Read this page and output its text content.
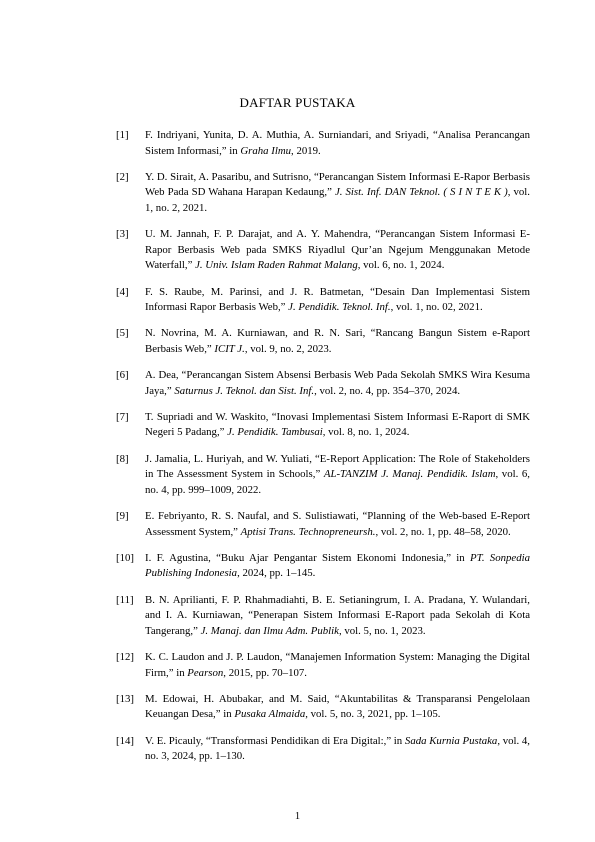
DAFTAR PUSTAKA
[1] F. Indriyani, Yunita, D. A. Muthia, A. Surniandari, and Sriyadi, “Analisa Perancangan Sistem Informasi,” in Graha Ilmu, 2019.
[2] Y. D. Sirait, A. Pasaribu, and Sutrisno, “Perancangan Sistem Informasi E-Rapor Berbasis Web Pada SD Wahana Harapan Kedaung,” J. Sist. Inf. DAN Teknol. ( S I N T E K ), vol. 1, no. 2, 2021.
[3] U. M. Jannah, F. P. Darajat, and A. Y. Mahendra, “Perancangan Sistem Informasi E-Rapor Berbasis Web pada SMKS Riyadlul Qur’an Ngejum Menggunakan Metode Waterfall,” J. Univ. Islam Raden Rahmat Malang, vol. 6, no. 1, 2024.
[4] F. S. Raube, M. Parinsi, and J. R. Batmetan, “Desain Dan Implementasi Sistem Informasi Rapor Berbasis Web,” J. Pendidik. Teknol. Inf., vol. 1, no. 02, 2021.
[5] N. Novrina, M. A. Kurniawan, and R. N. Sari, “Rancang Bangun Sistem e-Raport Berbasis Web,” ICIT J., vol. 9, no. 2, 2023.
[6] A. Dea, “Perancangan Sistem Absensi Berbasis Web Pada Sekolah SMKS Wira Kesuma Jaya,” Saturnus J. Teknol. dan Sist. Inf., vol. 2, no. 4, pp. 354–370, 2024.
[7] T. Supriadi and W. Waskito, “Inovasi Implementasi Sistem Informasi E-Raport di SMK Negeri 5 Padang,” J. Pendidik. Tambusai, vol. 8, no. 1, 2024.
[8] J. Jamalia, L. Huriyah, and W. Yuliati, “E-Report Application: The Role of Stakeholders in The Assessment System in Schools,” AL-TANZIM J. Manaj. Pendidik. Islam, vol. 6, no. 4, pp. 999–1009, 2022.
[9] E. Febriyanto, R. S. Naufal, and S. Sulistiawati, “Planning of the Web-based E-Report Assessment System,” Aptisi Trans. Technopreneursh., vol. 2, no. 1, pp. 48–58, 2020.
[10] I. F. Agustina, “Buku Ajar Pengantar Sistem Ekonomi Indonesia,” in PT. Sonpedia Publishing Indonesia, 2024, pp. 1–145.
[11] B. N. Aprilianti, F. P. Rhahmadiahti, B. E. Setianingrum, I. A. Pradana, Y. Wulandari, and I. A. Kurniawan, “Penerapan Sistem Informasi E-Raport pada Sekolah di Kota Tangerang,” J. Manaj. dan Ilmu Adm. Publik, vol. 5, no. 1, 2023.
[12] K. C. Laudon and J. P. Laudon, “Manajemen Information System: Managing the Digital Firm,” in Pearson, 2015, pp. 70–107.
[13] M. Edowai, H. Abubakar, and M. Said, “Akuntabilitas & Transparansi Pengelolaan Keuangan Desa,” in Pusaka Almaida, vol. 5, no. 3, 2021, pp. 1–105.
[14] V. E. Picauly, “Transformasi Pendidikan di Era Digital:,” in Sada Kurnia Pustaka, vol. 4, no. 3, 2024, pp. 1–130.
1
